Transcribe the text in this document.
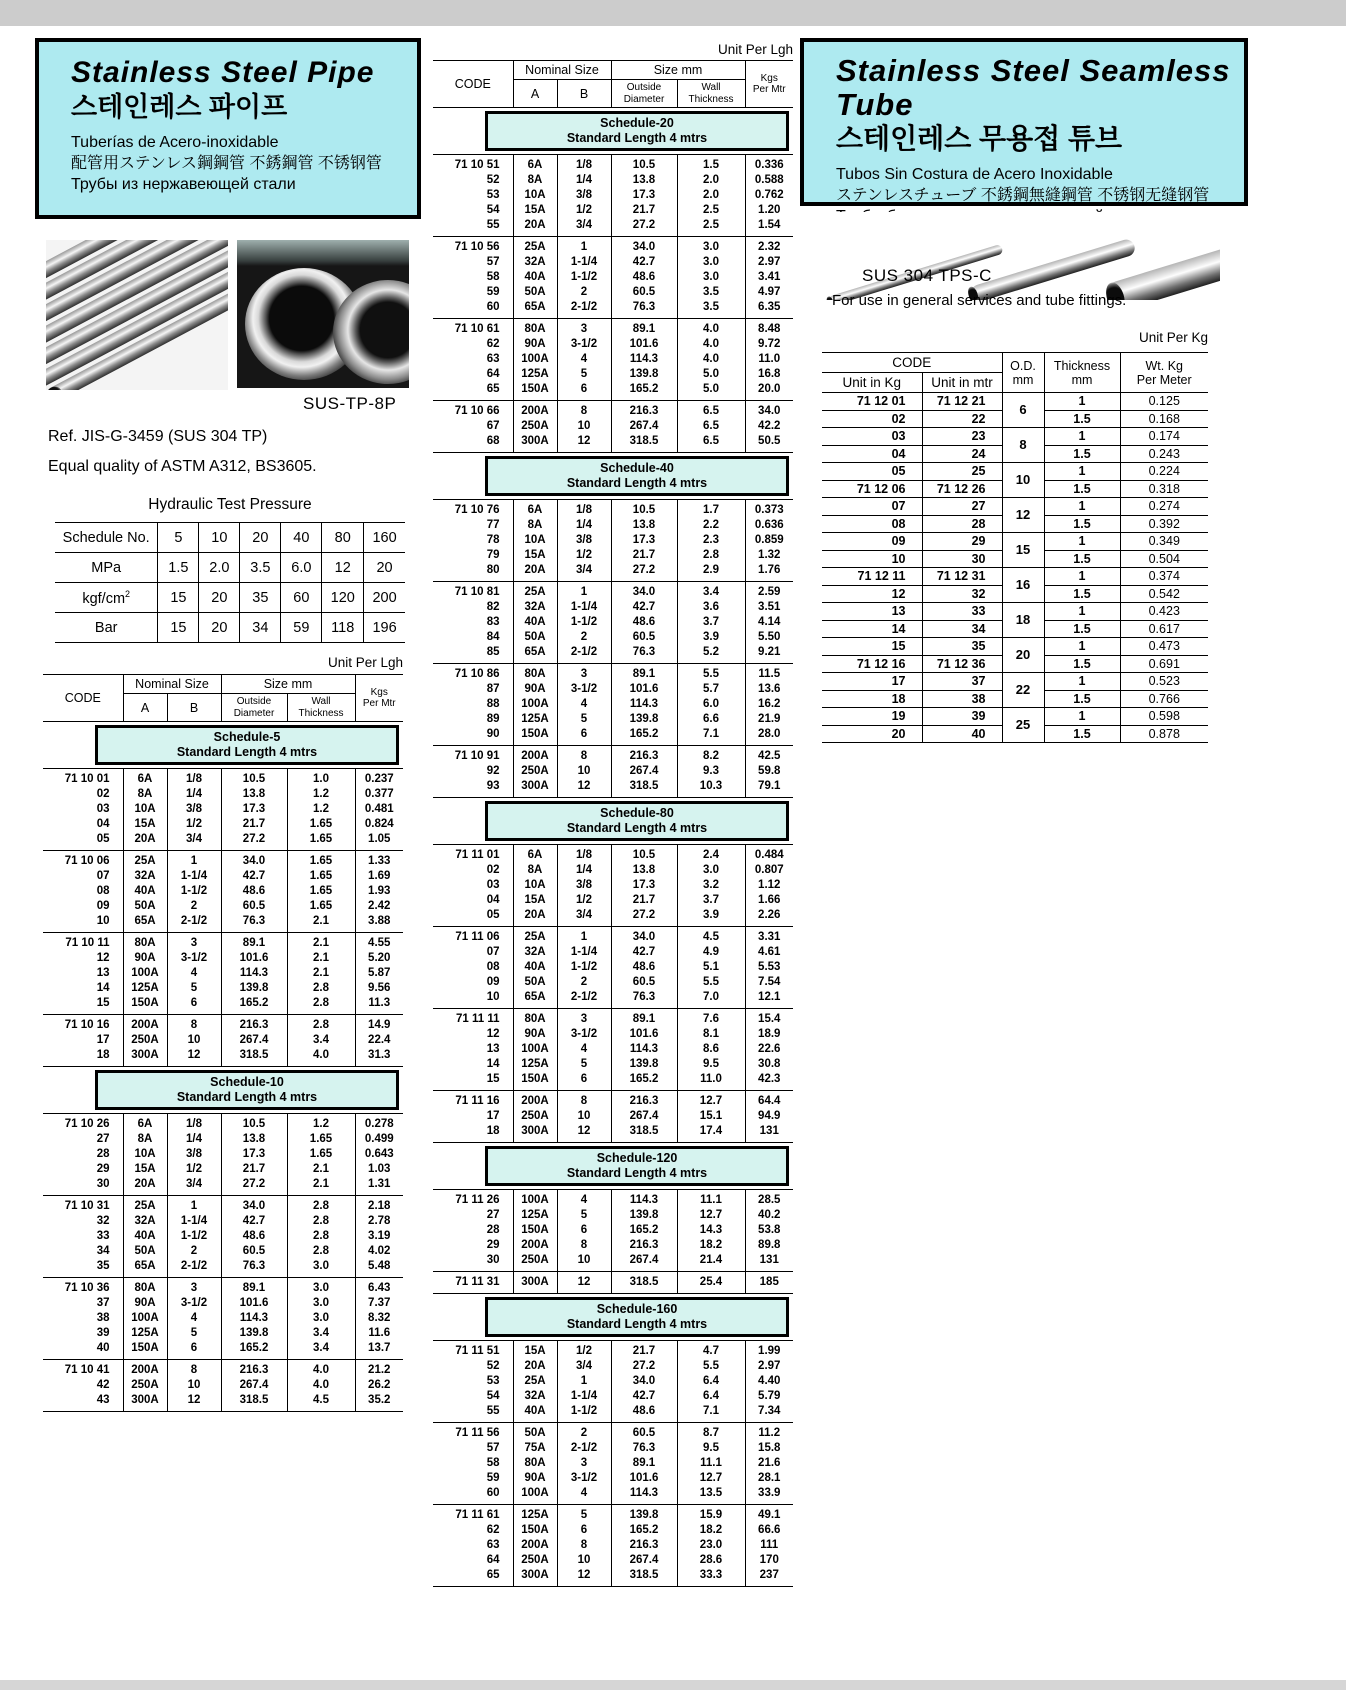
Stainless Steel Pipe
스테인레스 파이프
Tuberías de Acero-inoxidable
配管用ステンレス鋼鋼管 不銹鋼管 不锈钢管
Трубы из нержавеющей стали
SUS-TP-8P
Ref. JIS-G-3459 (SUS 304 TP)
Equal quality of ASTM A312, BS3605.
Hydraulic Test Pressure
Schedule No.	5	10	20	40	80	160
MPa	1.5	2.0	3.5	6.0	12	20
kgf/$cm^2$	15	20	35	60	120	200
Bar	15	20	34	59	118	196
Unit Per Lgh
CODE	Nominal Size		Size mm		Kgs
Per Mtr

A	B	Outside
Diameter

Wall
Thickness

Schedule-5
Standard Length 4 mtrs					

71 10 01	6A	1/8	10.5	1.0	0.237
02	8A	1/4	13.8	1.2	0.377
03	10A	3/8	17.3	1.2	0.481
04	15A	1/2	21.7	1.65	0.824
05	20A	3/4	27.2	1.65	1.05
71 10 06	25A	1	34.0	1.65	1.33
07	32A	1-1/4	42.7	1.65	1.69
08	40A	1-1/2	48.6	1.65	1.93
09	50A	2	60.5	1.65	2.42
10	65A	2-1/2	76.3	2.1	3.88
71 10 11	80A	3	89.1	2.1	4.55
12	90A	3-1/2	101.6	2.1	5.20
13	100A	4	114.3	2.1	5.87
14	125A	5	139.8	2.8	9.56
15	150A	6	165.2	2.8	11.3
71 10 16	200A	8	216.3	2.8	14.9
17	250A	10	267.4	3.4	22.4
18	300A	12	318.5	4.0	31.3

Schedule-10
Standard Length 4 mtrs					

71 10 26	6A	1/8	10.5	1.2	0.278
27	8A	1/4	13.8	1.65	0.499
28	10A	3/8	17.3	1.65	0.643
29	15A	1/2	21.7	2.1	1.03
30	20A	3/4	27.2	2.1	1.31
71 10 31	25A	1	34.0	2.8	2.18
32	32A	1-1/4	42.7	2.8	2.78
33	40A	1-1/2	48.6	2.8	3.19
34	50A	2	60.5	2.8	4.02
35	65A	2-1/2	76.3	3.0	5.48
71 10 36	80A	3	89.1	3.0	6.43
37	90A	3-1/2	101.6	3.0	7.37
38	100A	4	114.3	3.0	8.32
39	125A	5	139.8	3.4	11.6
40	150A	6	165.2	3.4	13.7
71 10 41	200A	8	216.3	4.0	21.2
42	250A	10	267.4	4.0	26.2
43	300A	12	318.5	4.5	35.2
Unit Per Lgh
CODE	Nominal Size		Size mm		Kgs
Per Mtr

A	B	Outside
Diameter

Wall
Thickness

Schedule-20
Standard Length 4 mtrs					

71 10 51	6A	1/8	10.5	1.5	0.336
52	8A	1/4	13.8	2.0	0.588
53	10A	3/8	17.3	2.0	0.762
54	15A	1/2	21.7	2.5	1.20
55	20A	3/4	27.2	2.5	1.54
71 10 56	25A	1	34.0	3.0	2.32
57	32A	1-1/4	42.7	3.0	2.97
58	40A	1-1/2	48.6	3.0	3.41
59	50A	2	60.5	3.5	4.97
60	65A	2-1/2	76.3	3.5	6.35
71 10 61	80A	3	89.1	4.0	8.48
62	90A	3-1/2	101.6	4.0	9.72
63	100A	4	114.3	4.0	11.0
64	125A	5	139.8	5.0	16.8
65	150A	6	165.2	5.0	20.0
71 10 66	200A	8	216.3	6.5	34.0
67	250A	10	267.4	6.5	42.2
68	300A	12	318.5	6.5	50.5

Schedule-40
Standard Length 4 mtrs					

71 10 76	6A	1/8	10.5	1.7	0.373
77	8A	1/4	13.8	2.2	0.636
78	10A	3/8	17.3	2.3	0.859
79	15A	1/2	21.7	2.8	1.32
80	20A	3/4	27.2	2.9	1.76
71 10 81	25A	1	34.0	3.4	2.59
82	32A	1-1/4	42.7	3.6	3.51
83	40A	1-1/2	48.6	3.7	4.14
84	50A	2	60.5	3.9	5.50
85	65A	2-1/2	76.3	5.2	9.21
71 10 86	80A	3	89.1	5.5	11.5
87	90A	3-1/2	101.6	5.7	13.6
88	100A	4	114.3	6.0	16.2
89	125A	5	139.8	6.6	21.9
90	150A	6	165.2	7.1	28.0
71 10 91	200A	8	216.3	8.2	42.5
92	250A	10	267.4	9.3	59.8
93	300A	12	318.5	10.3	79.1

Schedule-80
Standard Length 4 mtrs					

71 11 01	6A	1/8	10.5	2.4	0.484
02	8A	1/4	13.8	3.0	0.807
03	10A	3/8	17.3	3.2	1.12
04	15A	1/2	21.7	3.7	1.66
05	20A	3/4	27.2	3.9	2.26
71 11 06	25A	1	34.0	4.5	3.31
07	32A	1-1/4	42.7	4.9	4.61
08	40A	1-1/2	48.6	5.1	5.53
09	50A	2	60.5	5.5	7.54
10	65A	2-1/2	76.3	7.0	12.1
71 11 11	80A	3	89.1	7.6	15.4
12	90A	3-1/2	101.6	8.1	18.9
13	100A	4	114.3	8.6	22.6
14	125A	5	139.8	9.5	30.8
15	150A	6	165.2	11.0	42.3
71 11 16	200A	8	216.3	12.7	64.4
17	250A	10	267.4	15.1	94.9
18	300A	12	318.5	17.4	131

Schedule-120
Standard Length 4 mtrs					

71 11 26	100A	4	114.3	11.1	28.5
27	125A	5	139.8	12.7	40.2
28	150A	6	165.2	14.3	53.8
29	200A	8	216.3	18.2	89.8
30	250A	10	267.4	21.4	131
71 11 31	300A	12	318.5	25.4	185

Schedule-160
Standard Length 4 mtrs					

71 11 51	15A	1/2	21.7	4.7	1.99
52	20A	3/4	27.2	5.5	2.97
53	25A	1	34.0	6.4	4.40
54	32A	1-1/4	42.7	6.4	5.79
55	40A	1-1/2	48.6	7.1	7.34
71 11 56	50A	2	60.5	8.7	11.2
57	75A	2-1/2	76.3	9.5	15.8
58	80A	3	89.1	11.1	21.6
59	90A	3-1/2	101.6	12.7	28.1
60	100A	4	114.3	13.5	33.9
71 11 61	125A	5	139.8	15.9	49.1
62	150A	6	165.2	18.2	66.6
63	200A	8	216.3	23.0	111
64	250A	10	267.4	28.6	170
65	300A	12	318.5	33.3	237
Stainless Steel Seamless Tube
스테인레스 무용접 튜브
Tubos Sin Costura de Acero Inoxidable
ステンレスチューブ 不銹鋼無縫鋼管 不锈钢无缝钢管
SUS 304 TPS-C
For use in general services and tube fittings.
Unit Per Kg
CODE	O.D.
mm

Thickness
mm

Wt. Kg
Per Meter

Unit in Kg	Unit in mtr			
71 12 01	71 12 21	6	1	0.125
02	22		1.5	0.168
03	23	8	1	0.174
04	24		1.5	0.243
05	25	10	1	0.224
71 12 06	71 12 26		1.5	0.318
07	27	12	1	0.274
08	28		1.5	0.392
09	29	15	1	0.349
10	30		1.5	0.504
71 12 11	71 12 31	16	1	0.374
12	32		1.5	0.542
13	33	18	1	0.423
14	34		1.5	0.617
15	35	20	1	0.473
71 12 16	71 12 36		1.5	0.691
17	37	22	1	0.523
18	38		1.5	0.766
19	39	25	1	0.598
20	40		1.5	0.878
